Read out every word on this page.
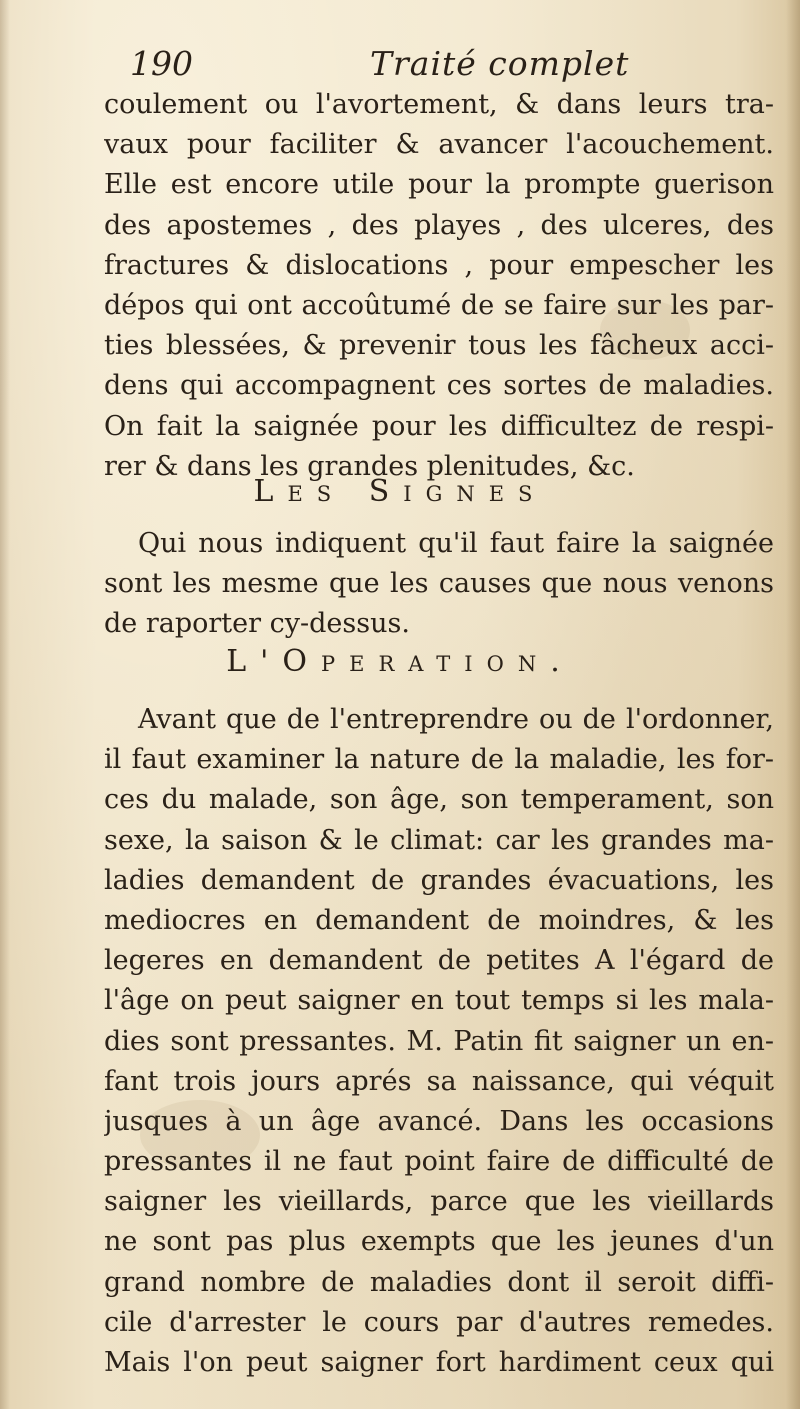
190	Traité complet
coulement ou l'avortement, & dans leurs tra-
vaux pour faciliter & avancer l'acouchement.
Elle est encore utile pour la prompte guerison
des apostemes , des playes , des ulceres, des
fractures & dislocations , pour empescher les
dépos qui ont accoûtumé de se faire sur les par-
ties blessées, & prevenir tous les fâcheux acci-
dens qui accompagnent ces sortes de maladies.
On fait la saignée pour les difficultez de respi-
rer & dans les grandes plenitudes, &c.
Les Signes
Qui nous indiquent qu'il faut faire la saignée
sont les mesme que les causes que nous venons
de raporter cy-dessus.
L'Operation.
Avant que de l'entreprendre ou de l'ordonner,
il faut examiner la nature de la maladie, les for-
ces du malade, son âge, son temperament, son
sexe, la saison & le climat: car les grandes ma-
ladies demandent de grandes évacuations, les
mediocres en demandent de moindres, & les
legeres en demandent de petites A l'égard de
l'âge on peut saigner en tout temps si les mala-
dies sont pressantes. M. Patin fit saigner un en-
fant trois jours aprés sa naissance, qui véquit
jusques à un âge avancé. Dans les occasions
pressantes il ne faut point faire de difficulté de
saigner les vieillards, parce que les vieillards
ne sont pas plus exempts que les jeunes d'un
grand nombre de maladies dont il seroit diffi-
cile d'arrester le cours par d'autres remedes.
Mais l'on peut saigner fort hardiment ceux qui
